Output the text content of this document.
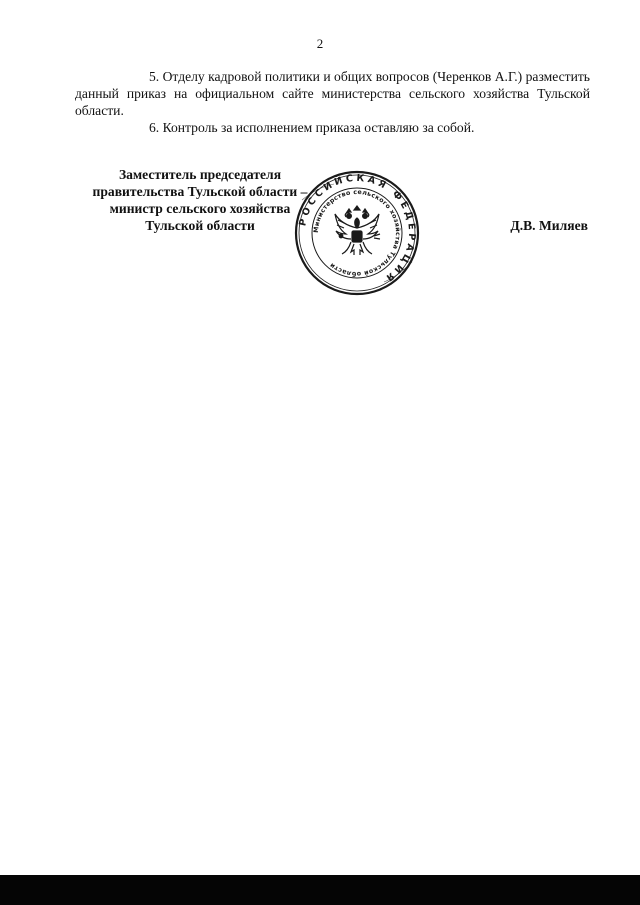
2

5. Отделу кадровой политики и общих вопросов (Черенков А.Г.) разместить данный приказ на официальном сайте министерства сельского хозяйства Тульской области.

6. Контроль за исполнением приказа оставляю за собой.

Заместитель председателя
правительства Тульской области –
министр сельского хозяйства
Тульской области	РОССИЙСКАЯ ФЕДЕРАЦИЯ
Министерство сельского хозяйства Тульской области
Д.В. Миляев
